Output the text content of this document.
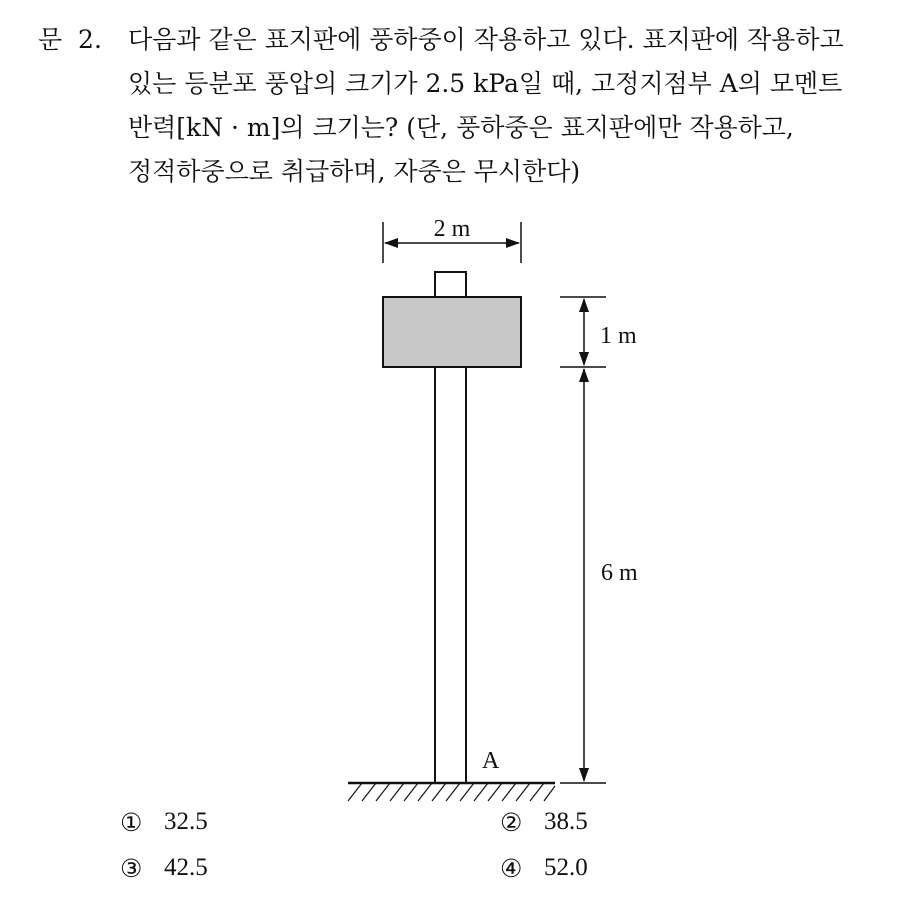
문  2.	다음과 같은 표지판에 풍하중이 작용하고 있다. 표지판에 작용하고
있는 등분포 풍압의 크기가 2.5 kPa일 때, 고정지점부 A의 모멘트
반력[kN · m]의 크기는? (단, 풍하중은 표지판에만 작용하고,
정적하중으로 취급하며, 자중은 무시한다)
2 m
A
1 m
6 m
① 32.5	② 38.5
③ 42.5	④ 52.0
